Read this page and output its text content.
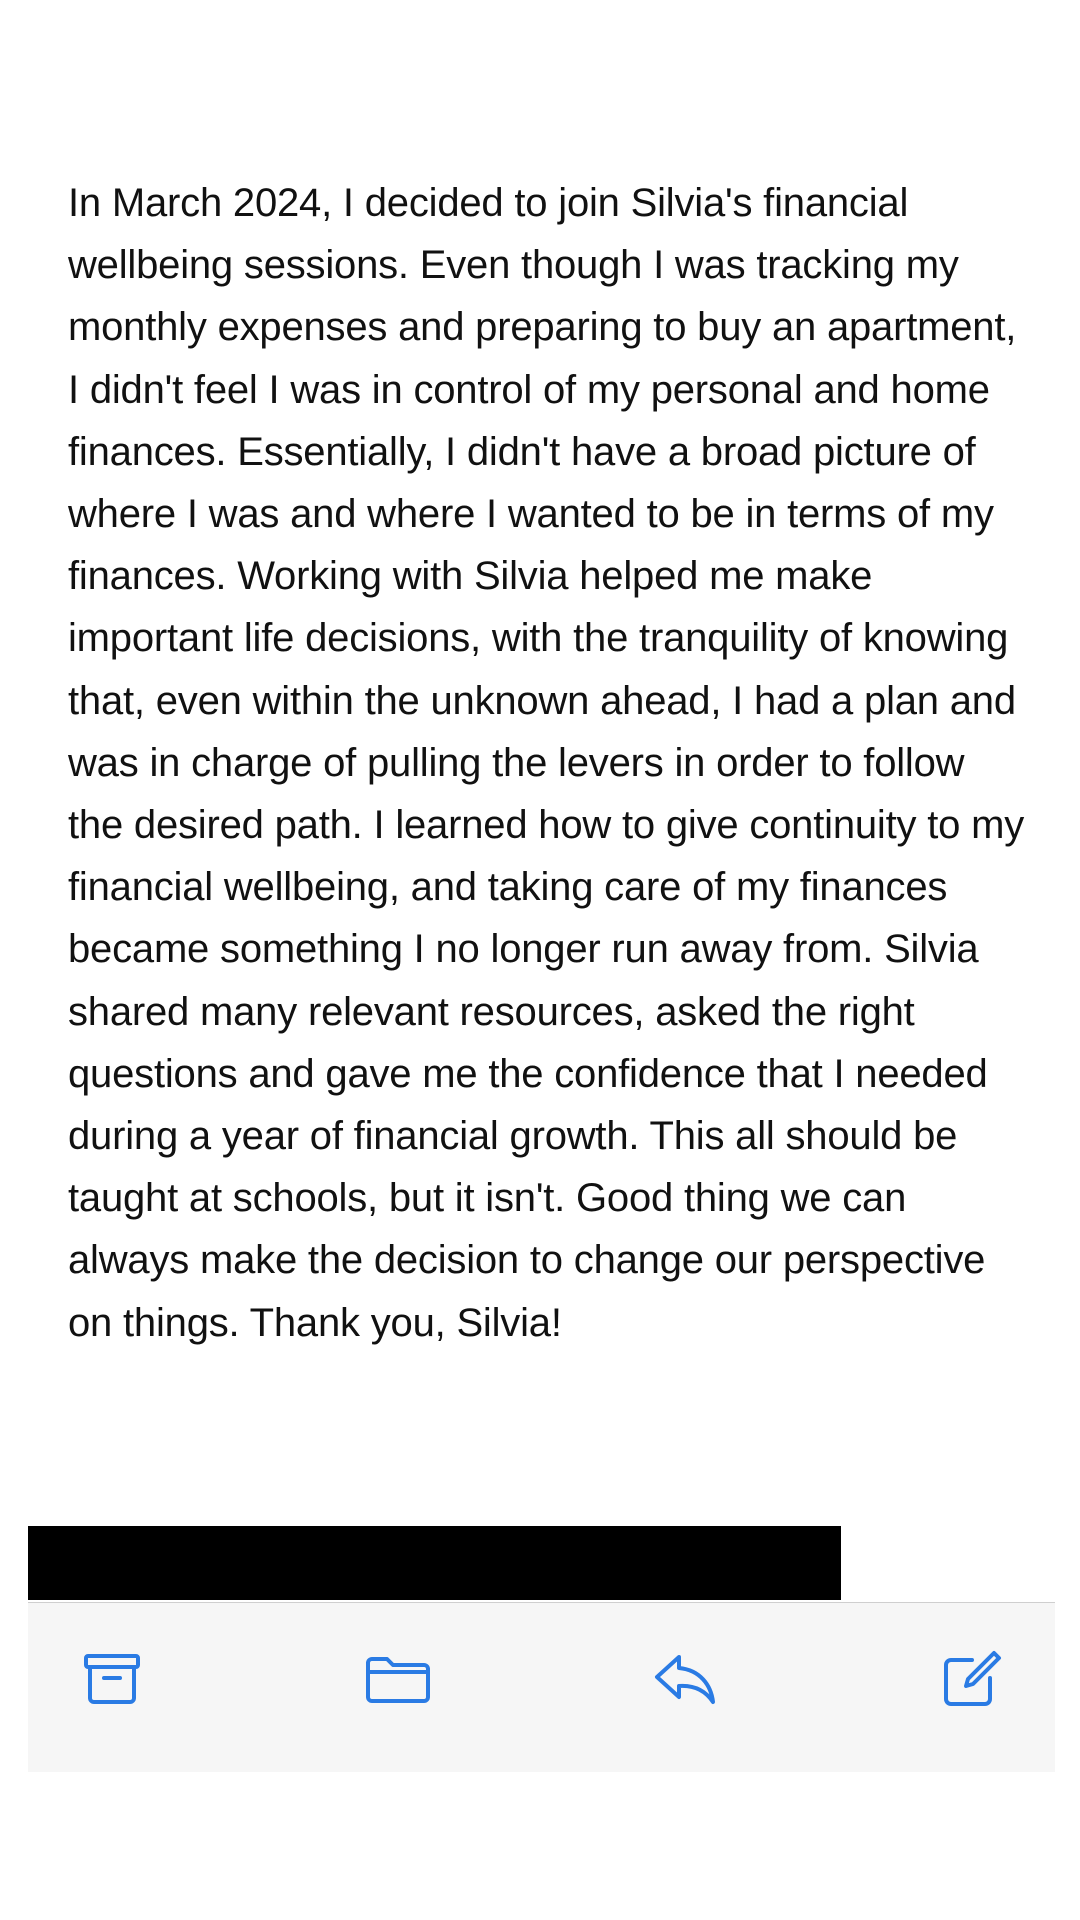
In March 2024, I decided to join Silvia's financial wellbeing sessions. Even though I was tracking my monthly expenses and preparing to buy an apartment, I didn't feel I was in control of my personal and home finances. Essentially, I didn't have a broad picture of where I was and where I wanted to be in terms of my finances. Working with Silvia helped me make important life decisions, with the tranquility of knowing that, even within the unknown ahead, I had a plan and was in charge of pulling the levers in order to follow the desired path. I learned how to give continuity to my financial wellbeing, and taking care of my finances became something I no longer run away from. Silvia shared many relevant resources, asked the right questions and gave me the confidence that I needed during a year of financial growth. This all should be taught at schools, but it isn't. Good thing we can always make the decision to change our perspective on things. Thank you, Silvia!
